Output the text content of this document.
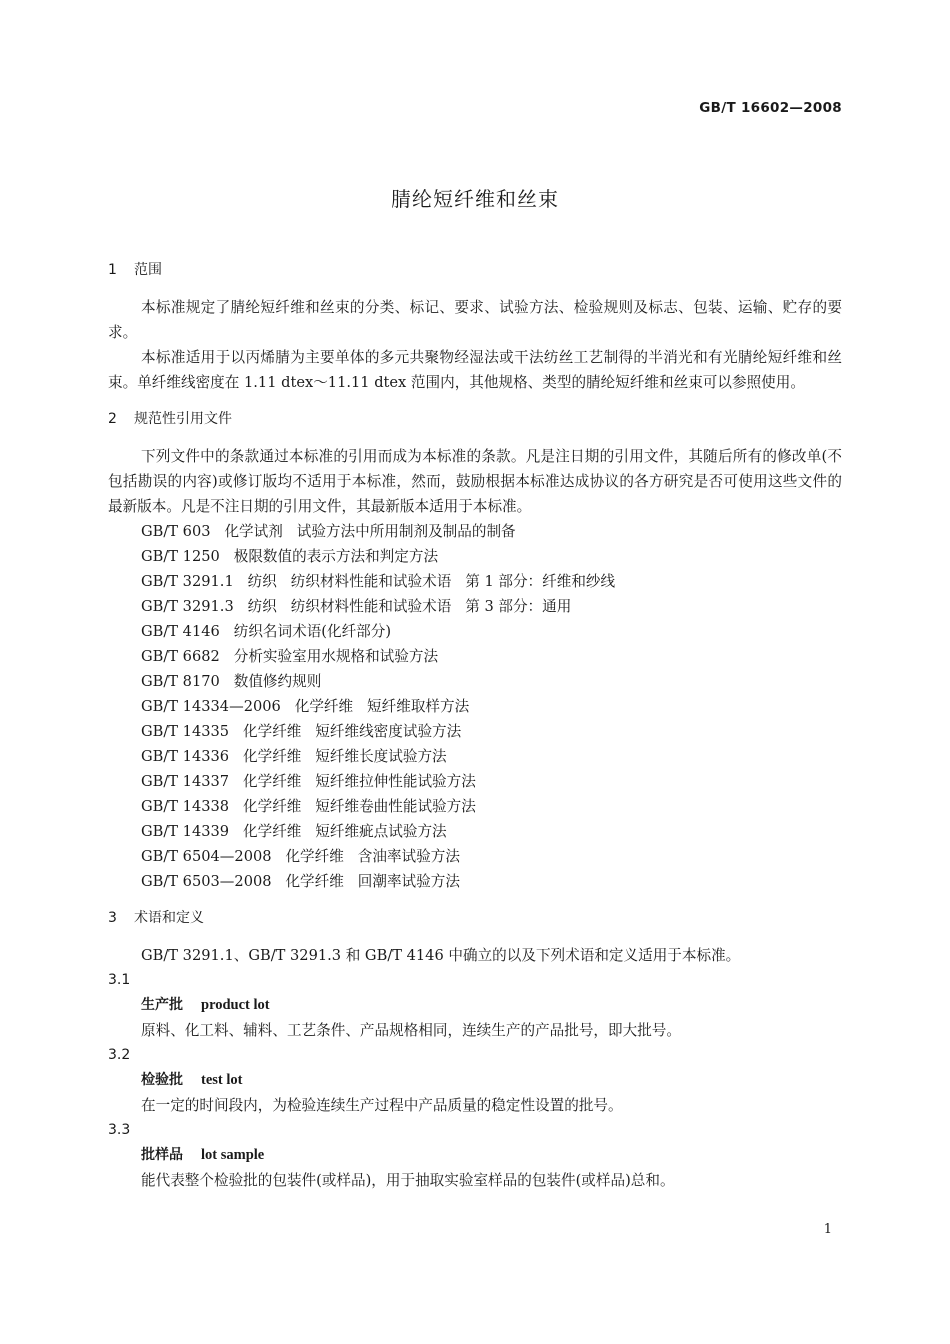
GB/T 16602—2008
腈纶短纤维和丝束
1 范围

本标准规定了腈纶短纤维和丝束的分类、标记、要求、试验方法、检验规则及标志、包装、运输、贮存的要求。

本标准适用于以丙烯腈为主要单体的多元共聚物经湿法或干法纺丝工艺制得的半消光和有光腈纶短纤维和丝束。单纤维线密度在 1.11 dtex～11.11 dtex 范围内，其他规格、类型的腈纶短纤维和丝束可以参照使用。

2 规范性引用文件

下列文件中的条款通过本标准的引用而成为本标准的条款。凡是注日期的引用文件，其随后所有的修改单(不包括勘误的内容)或修订版均不适用于本标准，然而，鼓励根据本标准达成协议的各方研究是否可使用这些文件的最新版本。凡是不注日期的引用文件，其最新版本适用于本标准。

GB/T 603   化学试剂   试验方法中所用制剂及制品的制备

GB/T 1250   极限数值的表示方法和判定方法

GB/T 3291.1   纺织   纺织材料性能和试验术语   第 1 部分：纤维和纱线

GB/T 3291.3   纺织   纺织材料性能和试验术语   第 3 部分：通用

GB/T 4146   纺织名词术语(化纤部分)

GB/T 6682   分析实验室用水规格和试验方法

GB/T 8170   数值修约规则

GB/T 14334—2006   化学纤维   短纤维取样方法

GB/T 14335   化学纤维   短纤维线密度试验方法

GB/T 14336   化学纤维   短纤维长度试验方法

GB/T 14337   化学纤维   短纤维拉伸性能试验方法

GB/T 14338   化学纤维   短纤维卷曲性能试验方法

GB/T 14339   化学纤维   短纤维疵点试验方法

GB/T 6504—2008   化学纤维   含油率试验方法

GB/T 6503—2008   化学纤维   回潮率试验方法

3 术语和定义

GB/T 3291.1、GB/T 3291.3 和 GB/T 4146 中确立的以及下列术语和定义适用于本标准。

3.1

生产批 product lot

原料、化工料、辅料、工艺条件、产品规格相同，连续生产的产品批号，即大批号。

3.2

检验批 test lot

在一定的时间段内，为检验连续生产过程中产品质量的稳定性设置的批号。

3.3

批样品 lot sample

能代表整个检验批的包装件(或样品)，用于抽取实验室样品的包装件(或样品)总和。

1
